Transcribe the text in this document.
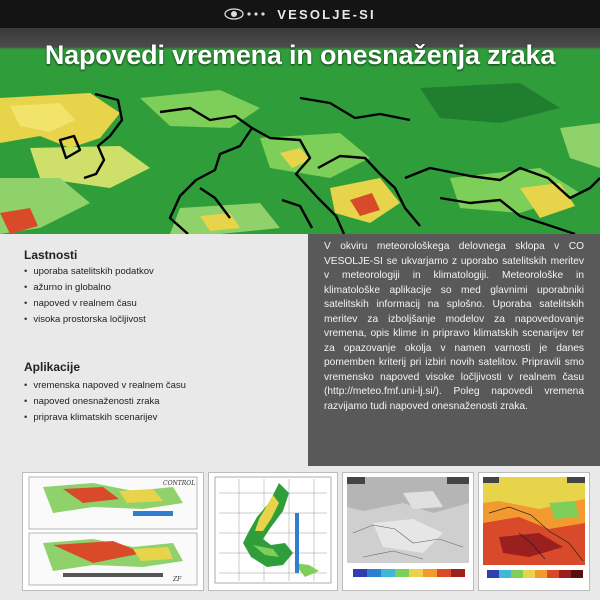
VESOLJE-SI
Napovedi vremena in onesnaženja zraka
Lastnosti
• uporaba satelitskih podatkov
• ažurno in globalno
• napoved v realnem času
• visoka prostorska ločljivost
Aplikacije
• vremenska napoved v realnem času
• napoved onesnaženosti zraka
• priprava klimatskih scenarijev

V okviru meteorološkega delovnega sklopa v CO VESOLJE-SI se ukvarjamo z uporabo satelitskih meritev v meteorologiji in klimatologiji. Meteorološke in klimatološke aplikacije so med glavnimi uporabniki satelitskih informacij na splošno. Uporaba satelitskih meritev za izboljšanje modelov za napovedovanje vremena, opis klime in pripravo klimatskih scenarijev ter za opazovanje okolja v namen varnosti je danes pomemben kriterij pri izbiri novih satelitov. Pripravili smo vremensko napoved visoke ločljivosti v realnem času (http://meteo.fmf.uni-lj.si/). Poleg napovedi vremena razvijamo tudi napoved onesnaženosti zraka.

CONTROL
ZF
